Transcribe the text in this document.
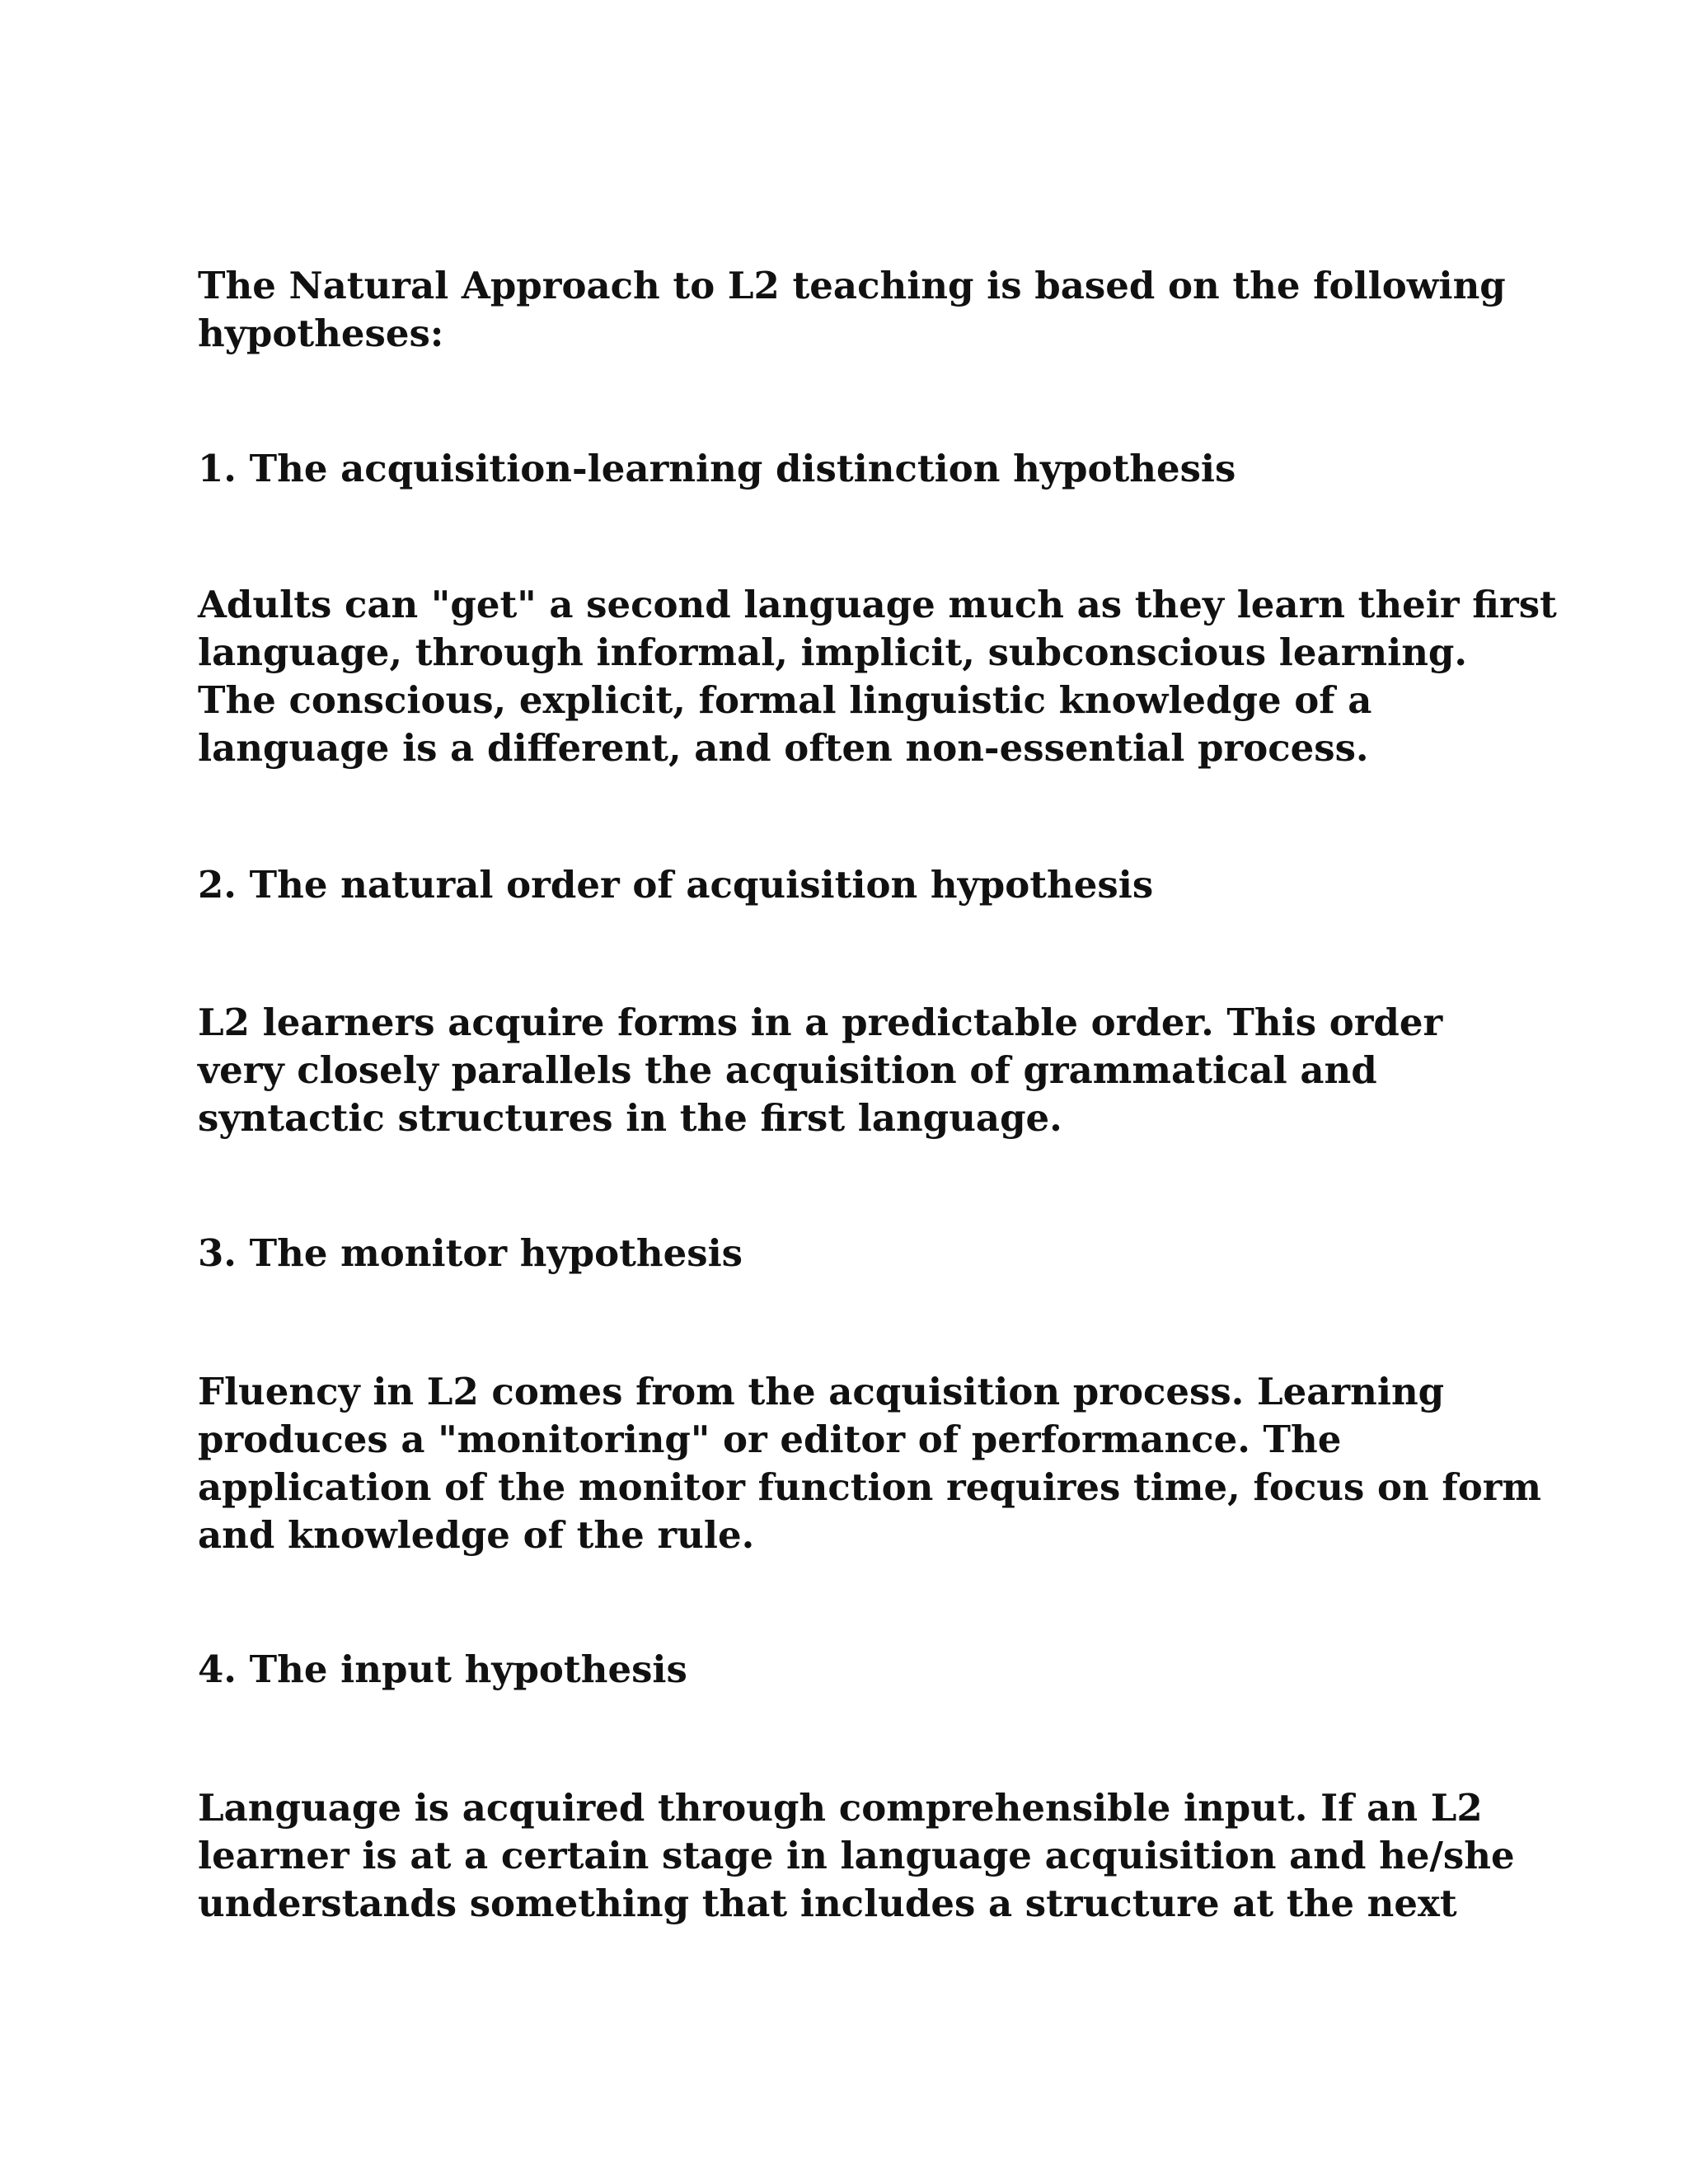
The Natural Approach to L2 teaching is based on the following
hypotheses:

1. The acquisition-learning distinction hypothesis

Adults can "get" a second language much as they learn their first
language, through informal, implicit, subconscious learning.
The conscious, explicit, formal linguistic knowledge of a
language is a different, and often non-essential process.

2. The natural order of acquisition hypothesis

L2 learners acquire forms in a predictable order. This order
very closely parallels the acquisition of grammatical and
syntactic structures in the first language.

3. The monitor hypothesis

Fluency in L2 comes from the acquisition process. Learning
produces a "monitoring" or editor of performance. The
application of the monitor function requires time, focus on form
and knowledge of the rule.

4. The input hypothesis

Language is acquired through comprehensible input. If an L2
learner is at a certain stage in language acquisition and he/she
understands something that includes a structure at the next
